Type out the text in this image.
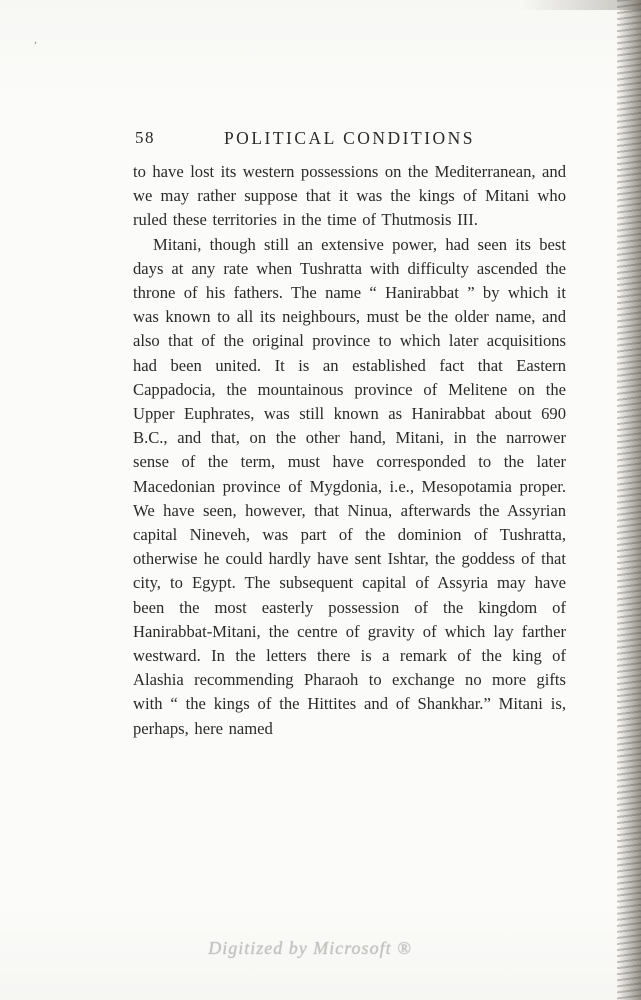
’
58	POLITICAL CONDITIONS

to have lost its western possessions on the Mediterranean, and we may rather suppose that it was the kings of Mitani who ruled these territories in the time of Thutmosis III.

Mitani, though still an extensive power, had seen its best days at any rate when Tushratta with difficulty ascended the throne of his fathers. The name “ Hanirabbat ” by which it was known to all its neighbours, must be the older name, and also that of the original province to which later acquisitions had been united. It is an established fact that Eastern Cappadocia, the mountainous province of Melitene on the Upper Euphrates, was still known as Hanirabbat about 690 B.C., and that, on the other hand, Mitani, in the narrower sense of the term, must have corresponded to the later Macedonian province of Mygdonia, i.e., Mesopotamia proper. We have seen, however, that Ninua, afterwards the Assyrian capital Nineveh, was part of the dominion of Tushratta, otherwise he could hardly have sent Ishtar, the goddess of that city, to Egypt. The subsequent capital of Assyria may have been the most easterly possession of the kingdom of Hanirabbat-Mitani, the centre of gravity of which lay farther westward. In the letters there is a remark of the king of Alashia recommending Pharaoh to exchange no more gifts with “ the kings of the Hittites and of Shankhar.” Mitani is, perhaps, here named

Digitized by Microsoft ®
